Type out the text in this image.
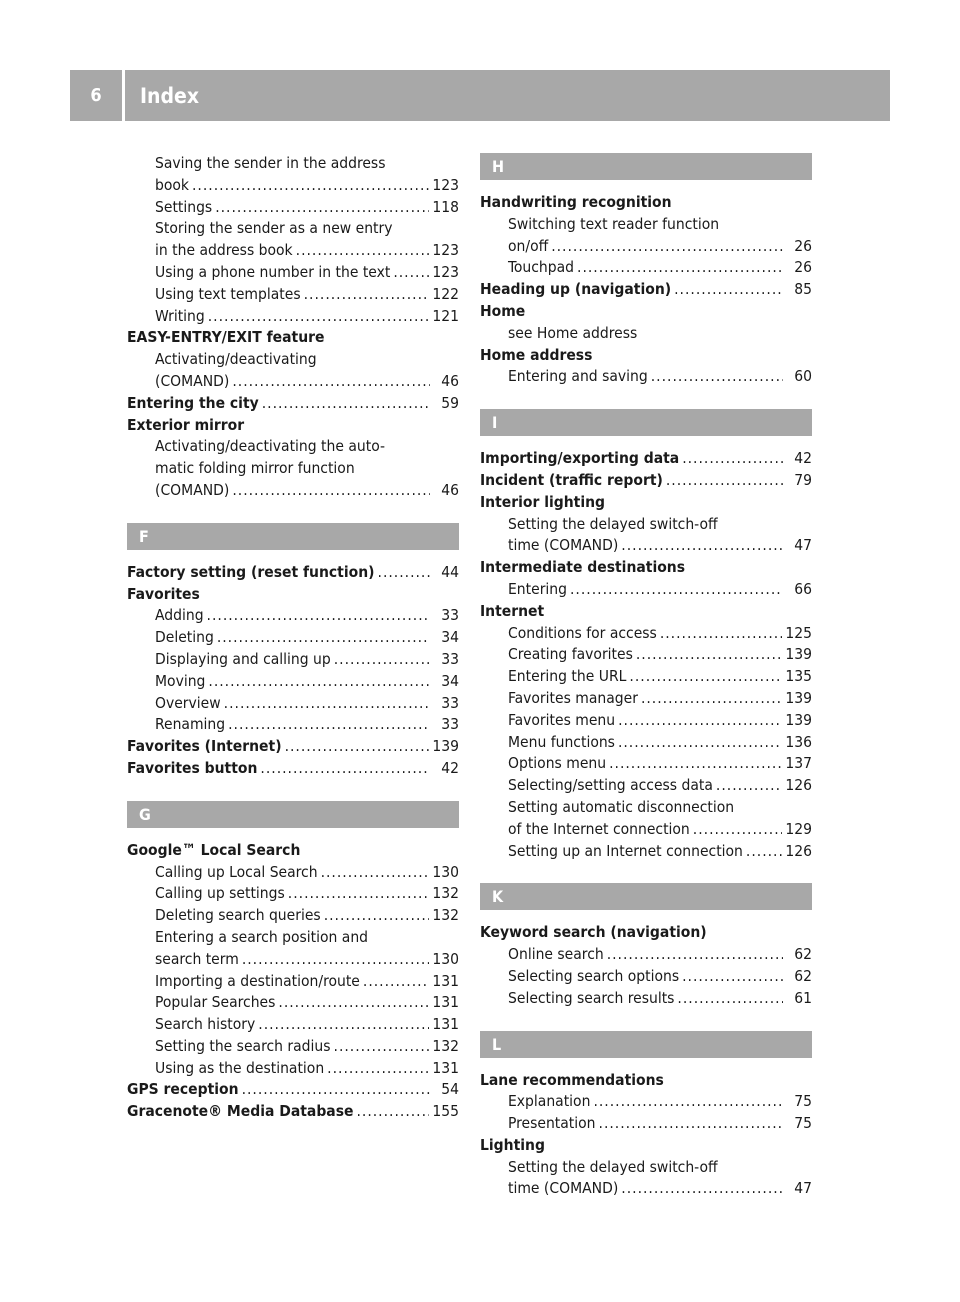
6	Index
Saving the sender in the address
book .....	123
Settings .....	118
Storing the sender as a new entry
in the address book .....	123
Using a phone number in the text .....	123
Using text templates .....	122
Writing .....	121
EASY-ENTRY/EXIT feature
Activating/deactivating
(COMAND) .....	46
Entering the city .....	59
Exterior mirror
Activating/deactivating the auto-
matic folding mirror function
(COMAND) .....	46
F
Factory setting (reset function) .....	44
Favorites
Adding .....	33
Deleting .....	34
Displaying and calling up .....	33
Moving .....	34
Overview .....	33
Renaming .....	33
Favorites (Internet) .....	139
Favorites button .....	42
G
Google™ Local Search
Calling up Local Search .....	130
Calling up settings .....	132
Deleting search queries .....	132
Entering a search position and
search term .....	130
Importing a destination/route .....	131
Popular Searches .....	131
Search history .....	131
Setting the search radius .....	132
Using as the destination .....	131
GPS reception .....	54
Gracenote® Media Database .....	155
H
Handwriting recognition
Switching text reader function
on/off .....	26
Touchpad .....	26
Heading up (navigation) .....	85
Home
see Home address
Home address
Entering and saving .....	60
I
Importing/exporting data .....	42
Incident (traffic report) .....	79
Interior lighting
Setting the delayed switch-off
time (COMAND) .....	47
Intermediate destinations
Entering .....	66
Internet
Conditions for access .....	125
Creating favorites .....	139
Entering the URL .....	135
Favorites manager .....	139
Favorites menu .....	139
Menu functions .....	136
Options menu .....	137
Selecting/setting access data .....	126
Setting automatic disconnection
of the Internet connection .....	129
Setting up an Internet connection .....	126
K
Keyword search (navigation)
Online search .....	62
Selecting search options .....	62
Selecting search results .....	61
L
Lane recommendations
Explanation .....	75
Presentation .....	75
Lighting
Setting the delayed switch-off
time (COMAND) .....	47
